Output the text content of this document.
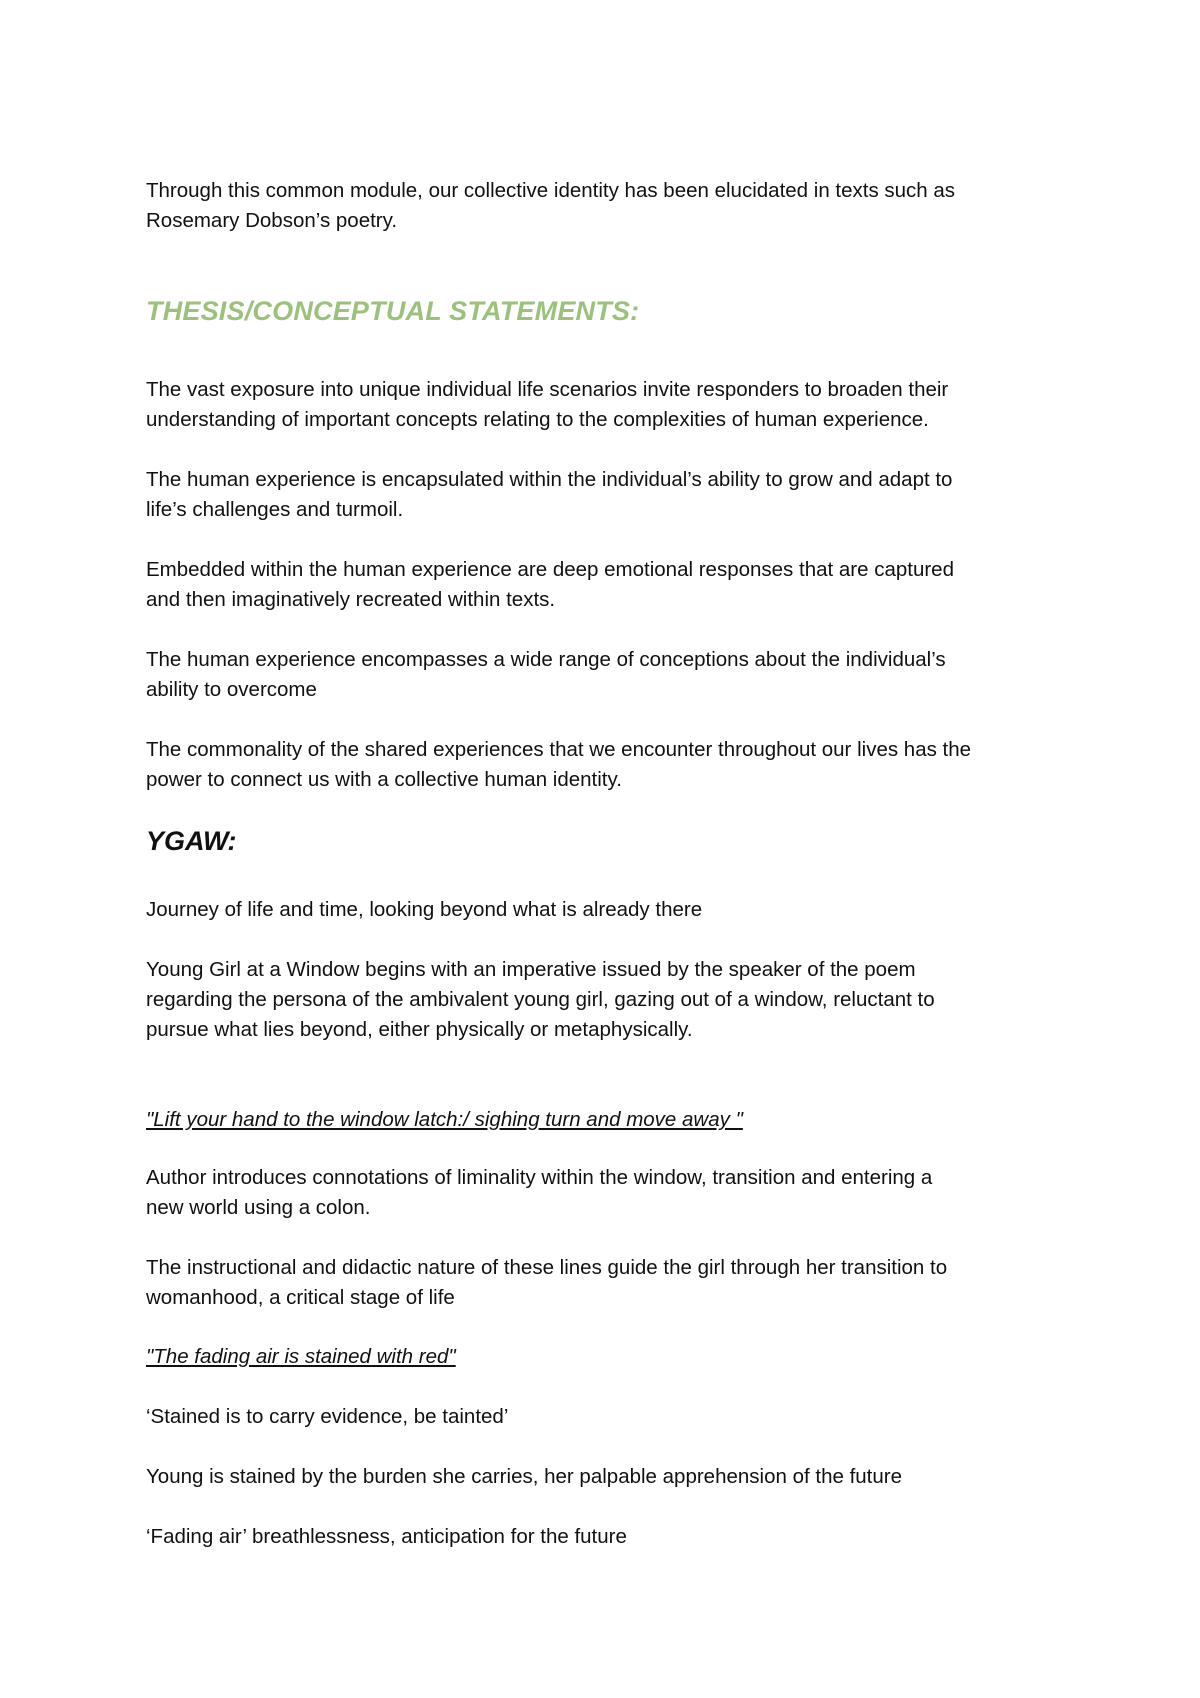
Through this common module, our collective identity has been elucidated in texts such as
Rosemary Dobson’s poetry.

THESIS/CONCEPTUAL STATEMENTS:

The vast exposure into unique individual life scenarios invite responders to broaden their
understanding of important concepts relating to the complexities of human experience.

The human experience is encapsulated within the individual’s ability to grow and adapt to
life’s challenges and turmoil.

Embedded within the human experience are deep emotional responses that are captured
and then imaginatively recreated within texts.

The human experience encompasses a wide range of conceptions about the individual’s
ability to overcome

The commonality of the shared experiences that we encounter throughout our lives has the
power to connect us with a collective human identity.

YGAW:

Journey of life and time, looking beyond what is already there

Young Girl at a Window begins with an imperative issued by the speaker of the poem
regarding the persona of the ambivalent young girl, gazing out of a window, reluctant to
pursue what lies beyond, either physically or metaphysically.

"Lift your hand to the window latch:/ sighing turn and move away "

Author introduces connotations of liminality within the window, transition and entering a
new world using a colon.

The instructional and didactic nature of these lines guide the girl through her transition to
womanhood, a critical stage of life

"The fading air is stained with red"

‘Stained is to carry evidence, be tainted’

Young is stained by the burden she carries, her palpable apprehension of the future

‘Fading air’ breathlessness, anticipation for the future
